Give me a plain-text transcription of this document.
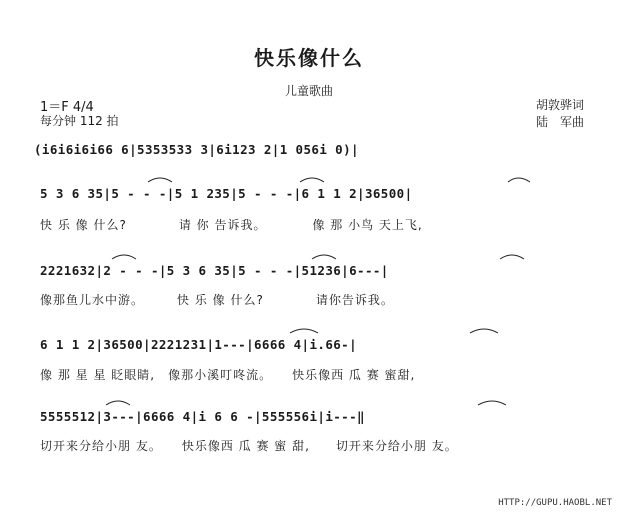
快乐像什么
儿童歌曲
1＝F 4/4
每分钟 112 拍
胡敦骅词
陆　军曲
(i6i6i6i66 6|5353533 3|6i123 2|1 056i 0)|
5 3 6 35|5 - - -|5 1 235|5 - - -|6 1 1 2|36500|
快 乐 像 什么?　　　　请 你 告诉我。　　　　像 那 小鸟 天上飞,
2221632|2 - - -|5 3 6 35|5 - - -|51236|6---|
像那鱼儿水中游。　　　快 乐 像 什么?　　　　请你告诉我。
6 1 1 2|36500|2221231|1---|6666 4|i.66-|
像 那 星 星 眨眼睛,　像那小溪叮咚流。　　快乐像西 瓜 赛 蜜甜,
5555512|3---|6666 4|i 6 6 -|555556i|i---‖
切开来分给小朋 友。　　快乐像西 瓜 赛 蜜 甜,　　切开来分给小朋 友。
HTTP://GUPU.HAOBL.NET
